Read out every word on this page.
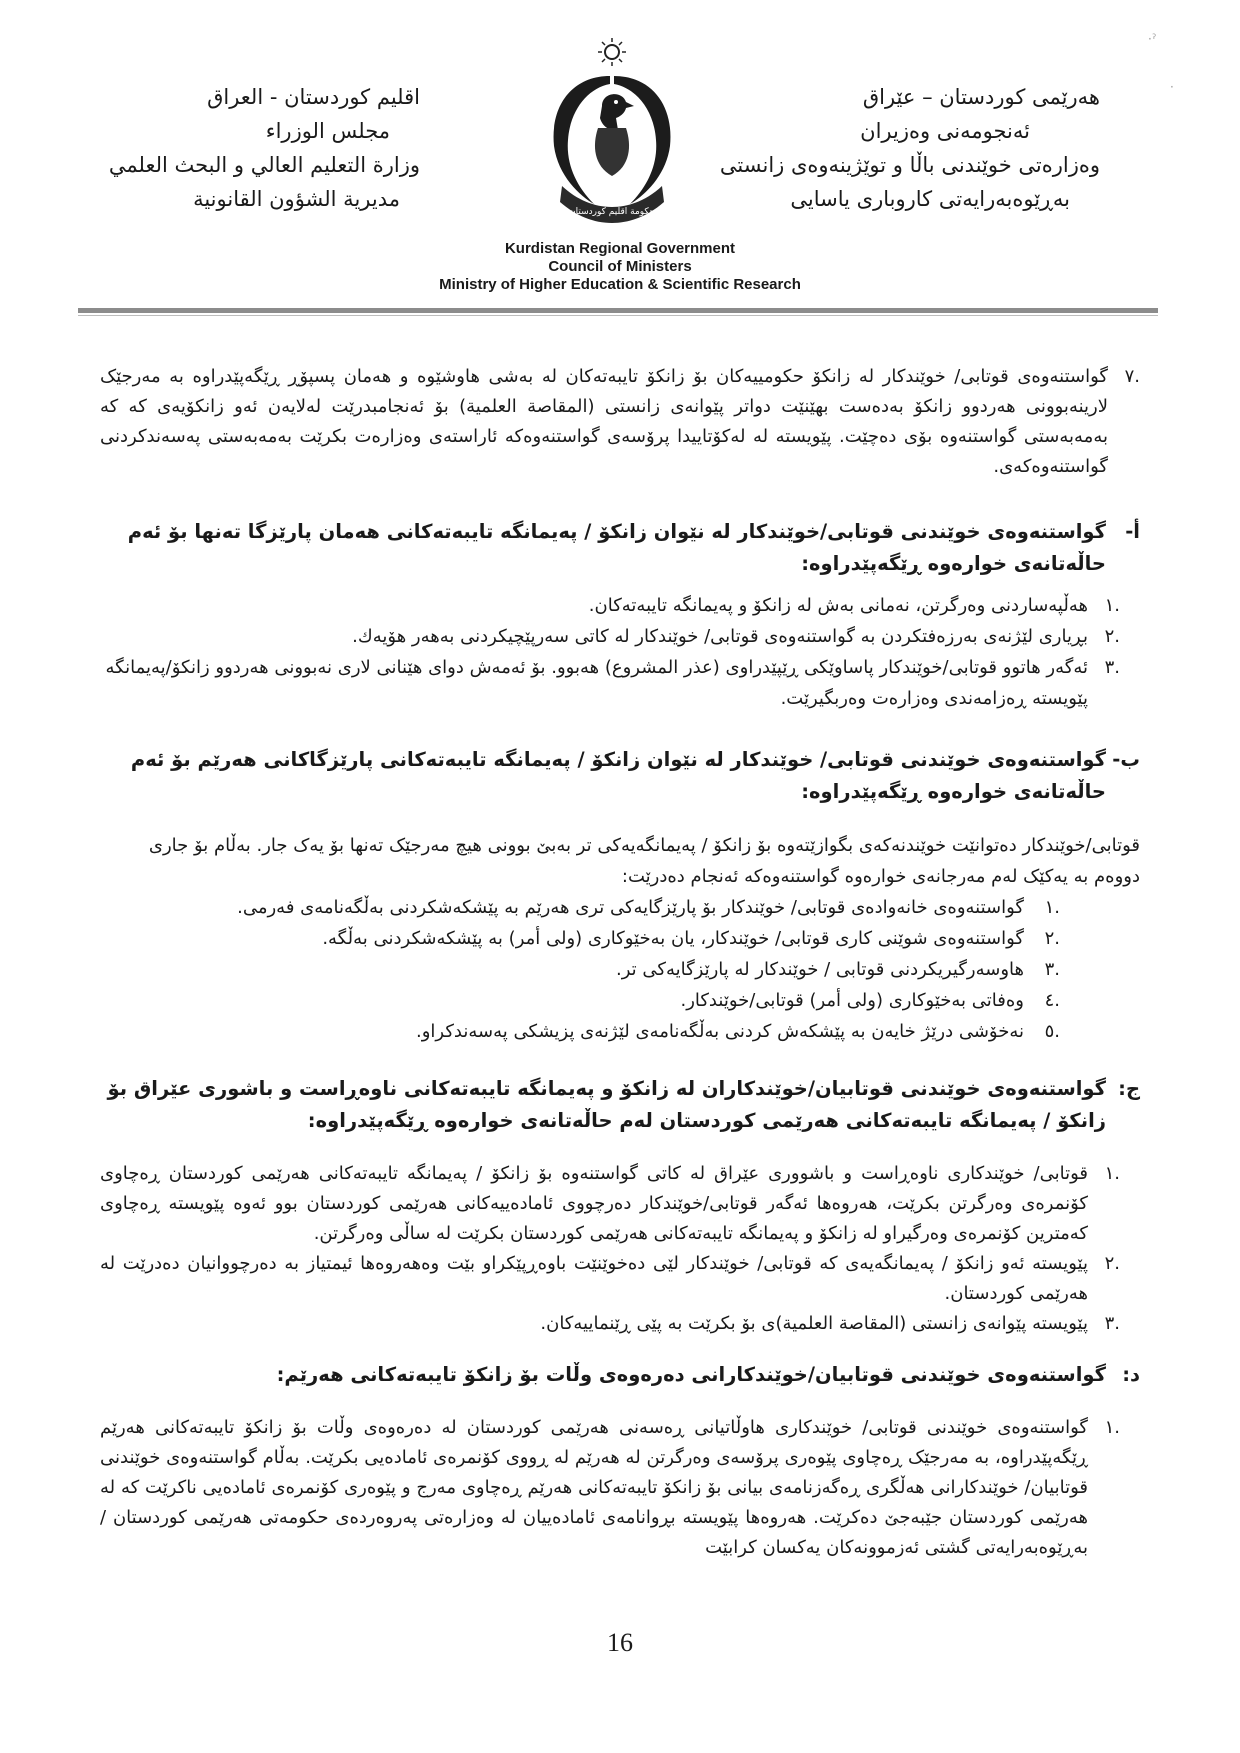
·ˀ
·
هەرێمی کوردستان – عێراق
ئەنجومەنی وەزیران
وەزارەتی خوێندنی باڵا و توێژینەوەی زانستی
بەڕێوەبەرایەتی کاروباری یاسایی
اقليم كوردستان - العراق
مجلس الوزراء
وزارة التعليم العالي و البحث العلمي
مديرية الشؤون القانونية
حكومة اقليم كوردستان
Kurdistan Regional Government
Council of Ministers
Ministry of Higher Education & Scientific Research
.٧
گواستنەوەی قوتابی/ خوێندکار لە زانکۆ حکومییەکان بۆ زانکۆ تایبەتەکان لە بەشی هاوشێوە و هەمان پسپۆڕ ڕێگەپێدراوە بە مەرجێک لارینەبوونی هەردوو زانکۆ بەدەست بهێنێت دواتر پێوانەی زانستی (المقاصة العلمية) بۆ ئەنجامبدرێت لەلایەن ئەو زانکۆیەی کە کە بەمەبەستی گواستنەوە بۆی دەچێت. پێویستە لە لەکۆتاییدا پرۆسەی گواستنەوەکە ئاراستەی وەزارەت بکرێت بەمەبەستی پەسەندکردنی گواستنەوەکەی.
أ-
گواستنەوەی خوێندنی قوتابی/خوێندکار لە نێوان زانکۆ / پەیمانگە تایبەتەکانی هەمان پارێزگا تەنها بۆ ئەم حاڵەتانەی خوارەوە ڕێگەپێدراوە:
.١
هەڵپەساردنی وەرگرتن، نەمانی بەش لە زانکۆ و پەیمانگە تایبەتەکان.
.٢
بڕیاری لێژنەی بەرزەفتکردن بە گواستنەوەی قوتابی/ خوێندکار لە کاتی سەرپێچیکردنی بەهەر هۆیەك.
.٣
ئەگەر هاتوو قوتابی/خوێندکار پاساوێکی ڕێپێدراوی (عذر المشروع) هەبوو. بۆ ئەمەش دوای هێنانی لاری نەبوونی هەردوو زانکۆ/پەیمانگە پێویستە ڕەزامەندی وەزارەت وەربگیرێت.
ب-
گواستنەوەی خوێندنی قوتابی/ خوێندکار لە نێوان زانکۆ / پەیمانگە تایبەتەکانی پارێزگاکانی هەرێم بۆ ئەم حاڵەتانەی خوارەوە ڕێگەپێدراوە:

قوتابی/خوێندکار دەتوانێت خوێندنەکەی بگوازێتەوە بۆ زانکۆ / پەیمانگەیەکی تر بەبێ بوونی هیچ مەرجێک تەنها بۆ یەک جار. بەڵام بۆ جاری دووەم بە یەکێک لەم مەرجانەی خوارەوە گواستنەوەکە ئەنجام دەدرێت:

.١
گواستنەوەی خانەوادەی قوتابی/ خوێندکار بۆ پارێزگایەکی تری هەرێم بە پێشکەشکردنی بەڵگەنامەی فەرمی.
.٢
گواستنەوەی شوێنی کاری قوتابی/ خوێندکار، یان بەخێوکاری (ولی أمر) بە پێشکەشکردنی بەڵگە.
.٣
هاوسەرگیریکردنی قوتابی / خوێندکار لە پارێزگایەکی تر.
.٤
وەفاتی بەخێوکاری (ولی أمر) قوتابی/خوێندکار.
.٥
نەخۆشی درێژ خایەن بە پێشکەش کردنی بەڵگەنامەی لێژنەی پزیشکی پەسەندکراو.
ج:
گواستنەوەی خوێندنی قوتابیان/خوێندکاران لە زانکۆ و پەیمانگە تایبەتەکانی ناوەڕاست و باشوری عێراق بۆ زانکۆ / پەیمانگە تایبەتەکانی هەرێمی کوردستان لەم حاڵەتانەی خوارەوە ڕێگەپێدراوە:
.١
قوتابی/ خوێندکاری ناوەڕاست و باشووری عێراق لە کاتی گواستنەوە بۆ زانکۆ / پەیمانگە تایبەتەکانی هەرێمی کوردستان ڕەچاوی کۆنمرەی وەرگرتن بکرێت، هەروەها ئەگەر قوتابی/خوێندکار دەرچووی ئامادەییەکانی هەرێمی کوردستان بوو ئەوە پێویستە ڕەچاوی کەمترین کۆنمرەی وەرگیراو لە زانکۆ و پەیمانگە تایبەتەکانی هەرێمی کوردستان بکرێت لە ساڵی وەرگرتن.
.٢
پێویستە ئەو زانکۆ / پەیمانگەیەی کە قوتابی/ خوێندکار لێی دەخوێنێت باوەڕپێکراو بێت وەهەروەها ئیمتیاز بە دەرچووانیان دەدرێت لە هەرێمی کوردستان.
.٣
پێویستە پێوانەی زانستی (المقاصة العلمية)ی بۆ بکرێت بە پێی ڕێنماییەکان.
د:
گواستنەوەی خوێندنی قوتابیان/خوێندکارانی دەرەوەی وڵات بۆ زانکۆ تایبەتەکانی هەرێم:
.١
گواستنەوەی خوێندنی قوتابی/ خوێندکاری هاوڵاتیانی ڕەسەنی هەرێمی کوردستان لە دەرەوەی وڵات بۆ زانکۆ تایبەتەکانی هەرێم ڕێگەپێدراوە، بە مەرجێک ڕەچاوی پێوەری پرۆسەی وەرگرتن لە هەرێم لە ڕووی کۆنمرەی ئامادەیی بکرێت. بەڵام گواستنەوەی خوێندنی قوتابیان/ خوێندکارانی هەڵگری ڕەگەزنامەی بیانی بۆ زانکۆ تایبەتەکانی هەرێم ڕەچاوی مەرج و پێوەری کۆنمرەی ئامادەیی ناکرێت کە لە هەرێمی کوردستان جێبەجێ دەکرێت. هەروەها پێویستە بڕوانامەی ئامادەییان لە وەزارەتی پەروەردەی حکومەتی هەرێمی کوردستان / بەڕێوەبەرایەتی گشتی ئەزموونەکان یەکسان کرابێت
16
